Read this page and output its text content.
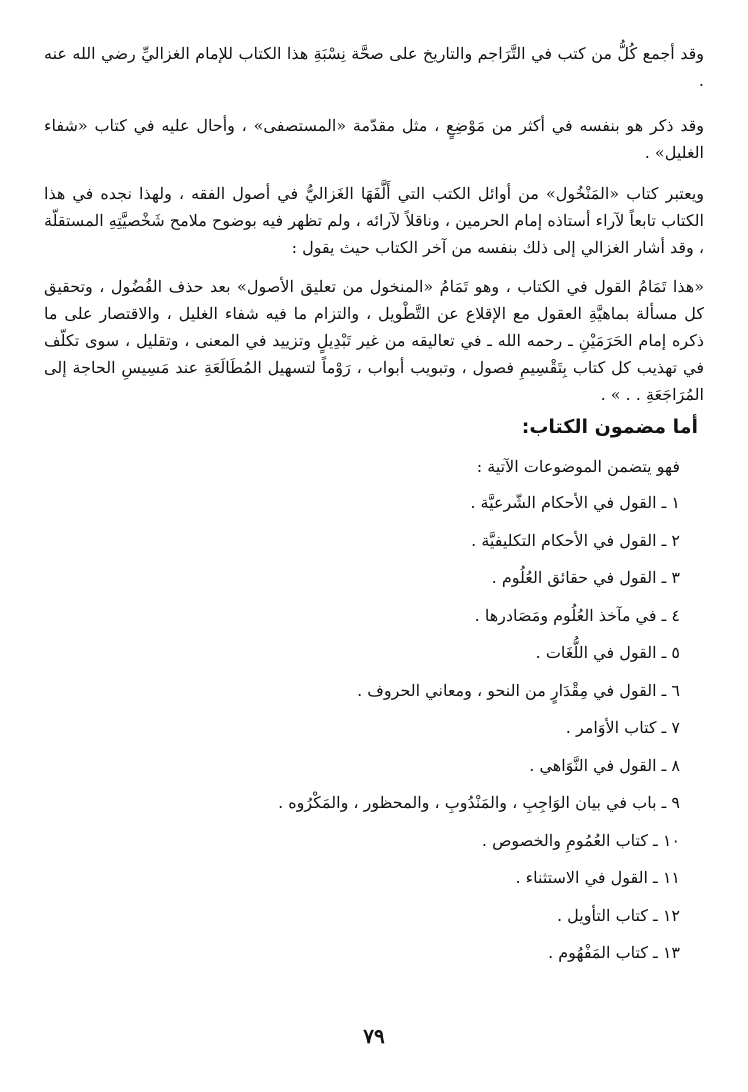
وقد أجمع كُلُّ من كتب في التَّرَاجم والتاريخ على صحَّة نِسْبَةِ هذا الكتاب للإمام الغزاليِّ رضي الله عنه .

وقد ذكر هو بنفسه في أكثر من مَوْضِعٍ ، مثل مقدّمة «المستصفى» ، وأحال عليه في كتاب «شفاء الغليل» .

ويعتبر كتاب «المَنْخُول» من أوائل الكتب التي أَلَّفَهَا الغَزاليُّ في أصول الفقه ، ولهذا نجده في هذا الكتاب تابعاً لآراء أستاذه إمام الحرمين ، وناقلاً لآرائه ، ولم تظهر فيه بوضوح ملامح شَخْصيَّتِهِ المستقلّة ، وقد أشار الغزالي إلى ذلك بنفسه من آخر الكتاب حيث يقول :

«هذا تَمَامُ القول في الكتاب ، وهو تَمَامُ «المنخول من تعليق الأصول» بعد حذف الفُضُول ، وتحقيق كل مسألة بماهيَّةِ العقول مع الإقلاع عن التَّطْويل ، والتزام ما فيه شفاء الغليل ، والاقتصار على ما ذكره إمام الحَرَمَيْنِ ـ رحمه الله ـ في تعاليقه من غير تَبْدِيلٍ وتزييد في المعنى ، وتقليل ، سوى تكلّف في تهذيب كل كتاب بِتَقْسِيمِ فصول ، وتبويب أبواب ، رَوْماً لتسهيل المُطَالَعَةِ عند مَسِيسِ الحاجة إلى المُرَاجَعَةِ . . » .

أما مضمون الكتاب:

فهو يتضمن الموضوعات الآتية :

١ ـ القول في الأحكام الشّرعيَّة .
٢ ـ القول في الأحكام التكليفيَّة .
٣ ـ القول في حقائق العُلُوم .
٤ ـ في مآخذ العُلُوم ومَصَادرها .
٥ ـ القول في اللُّغَات .
٦ ـ القول في مِقْدَارٍ من النحو ، ومعاني الحروف .
٧ ـ كتاب الأوَامر .
٨ ـ القول في النَّوَاهي .
٩ ـ باب في بيان الوَاجِبِ ، والمَنْدُوبِ ، والمحظور ، والمَكْرُوه .
١٠ ـ كتاب العُمُومِ والخصوص .
١١ ـ القول في الاستثناء .
١٢ ـ كتاب التأويل .
١٣ ـ كتاب المَفْهُوم .
٧٩
